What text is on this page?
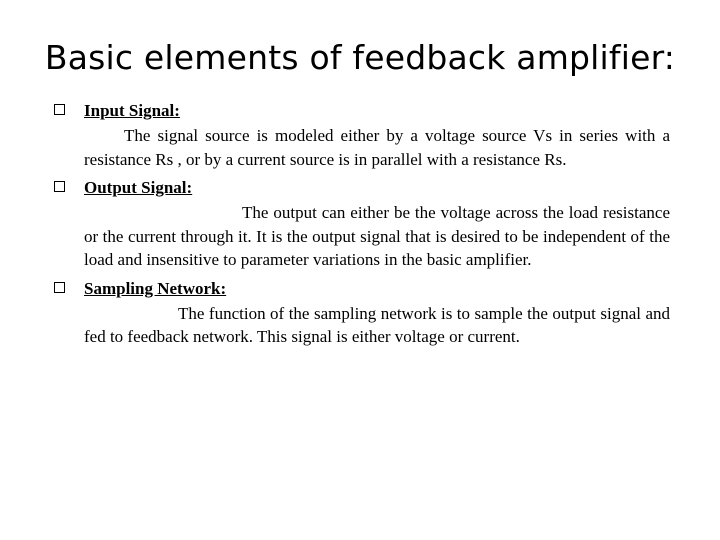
Basic elements of feedback amplifier:
Input Signal:
The signal source is modeled either by a voltage source Vs in series with a resistance Rs , or by a current source is in parallel with a resistance Rs.
Output Signal:
The output can either be the voltage across the load resistance or the current through it. It is the output signal that is desired to be independent of the load and insensitive to parameter variations in the basic amplifier.
Sampling Network:
The function of the sampling network is to sample the output signal and fed to feedback network. This signal is either voltage or current.
